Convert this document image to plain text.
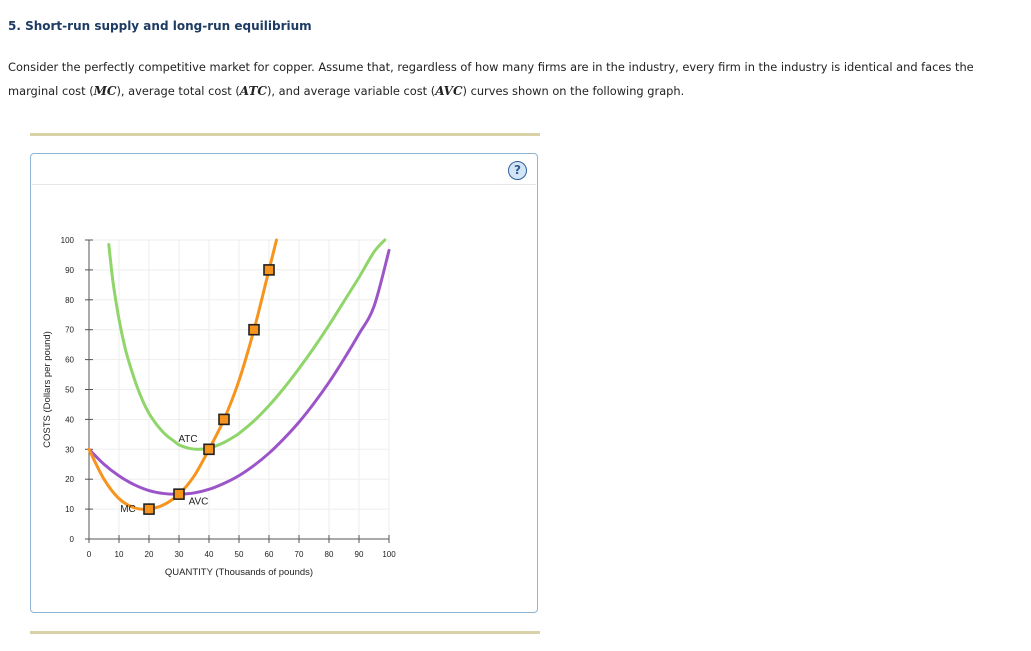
5. Short-run supply and long-run equilibrium
Consider the perfectly competitive market for copper. Assume that, regardless of how many firms are in the industry, every firm in the industry is identical and faces the marginal cost (MC), average total cost (ATC), and average variable cost (AVC) curves shown on the following graph.
?
0
10
20
30
40
50
60
70
80
90
100
0	10	20	30	40	50	60	70	80	90 100
QUANTITY (Thousands of pounds)
COSTS (Dollars per pound)	ATC
AVC
MC
